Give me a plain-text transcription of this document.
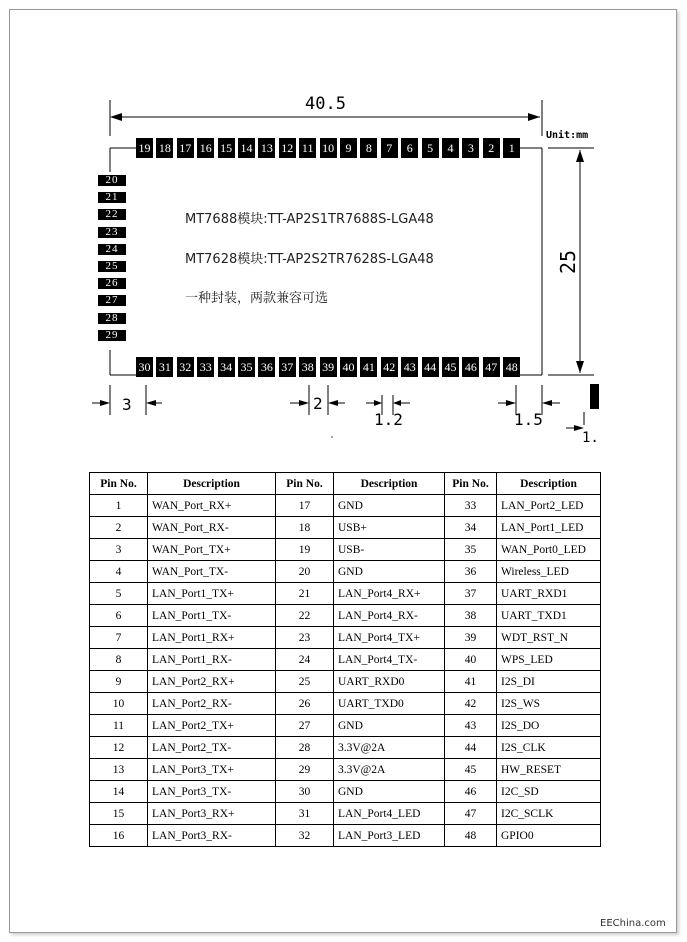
40.5
Unit:mm
25
3	2
1.2	1.5
1.
19 18 17 16 15 14 13 12 11 10 9	8	7	6	5	4	3	2	1
20
21
22
23
24
25
26
27
28
29
30 31 32 33 34 35 36 37 38 39 40 41 42 43 44 45 46 47 48
MT7688模块:TT-AP2S1TR7688S-LGA48
MT7628模块:TT-AP2S2TR7628S-LGA48
一种封装，两款兼容可选
Pin No.	Description	Pin No.	Description	Pin No.	Description
1	WAN_Port_RX+	17	GND	33	LAN_Port2_LED
2	WAN_Port_RX-	18	USB+	34	LAN_Port1_LED
3	WAN_Port_TX+	19	USB-	35	WAN_Port0_LED
4	WAN_Port_TX-	20	GND	36	Wireless_LED
5	LAN_Port1_TX+	21	LAN_Port4_RX+	37	UART_RXD1
6	LAN_Port1_TX-	22	LAN_Port4_RX-	38	UART_TXD1
7	LAN_Port1_RX+	23	LAN_Port4_TX+	39	WDT_RST_N
8	LAN_Port1_RX-	24	LAN_Port4_TX-	40	WPS_LED
9	LAN_Port2_RX+	25	UART_RXD0	41	I2S_DI
10	LAN_Port2_RX-	26	UART_TXD0	42	I2S_WS
11	LAN_Port2_TX+	27	GND	43	I2S_DO
12	LAN_Port2_TX-	28	3.3V@2A	44	I2S_CLK
13	LAN_Port3_TX+	29	3.3V@2A	45	HW_RESET
14	LAN_Port3_TX-	30	GND	46	I2C_SD
15	LAN_Port3_RX+	31	LAN_Port4_LED	47	I2C_SCLK
16	LAN_Port3_RX-	32	LAN_Port3_LED	48	GPIO0
EEChina.com
